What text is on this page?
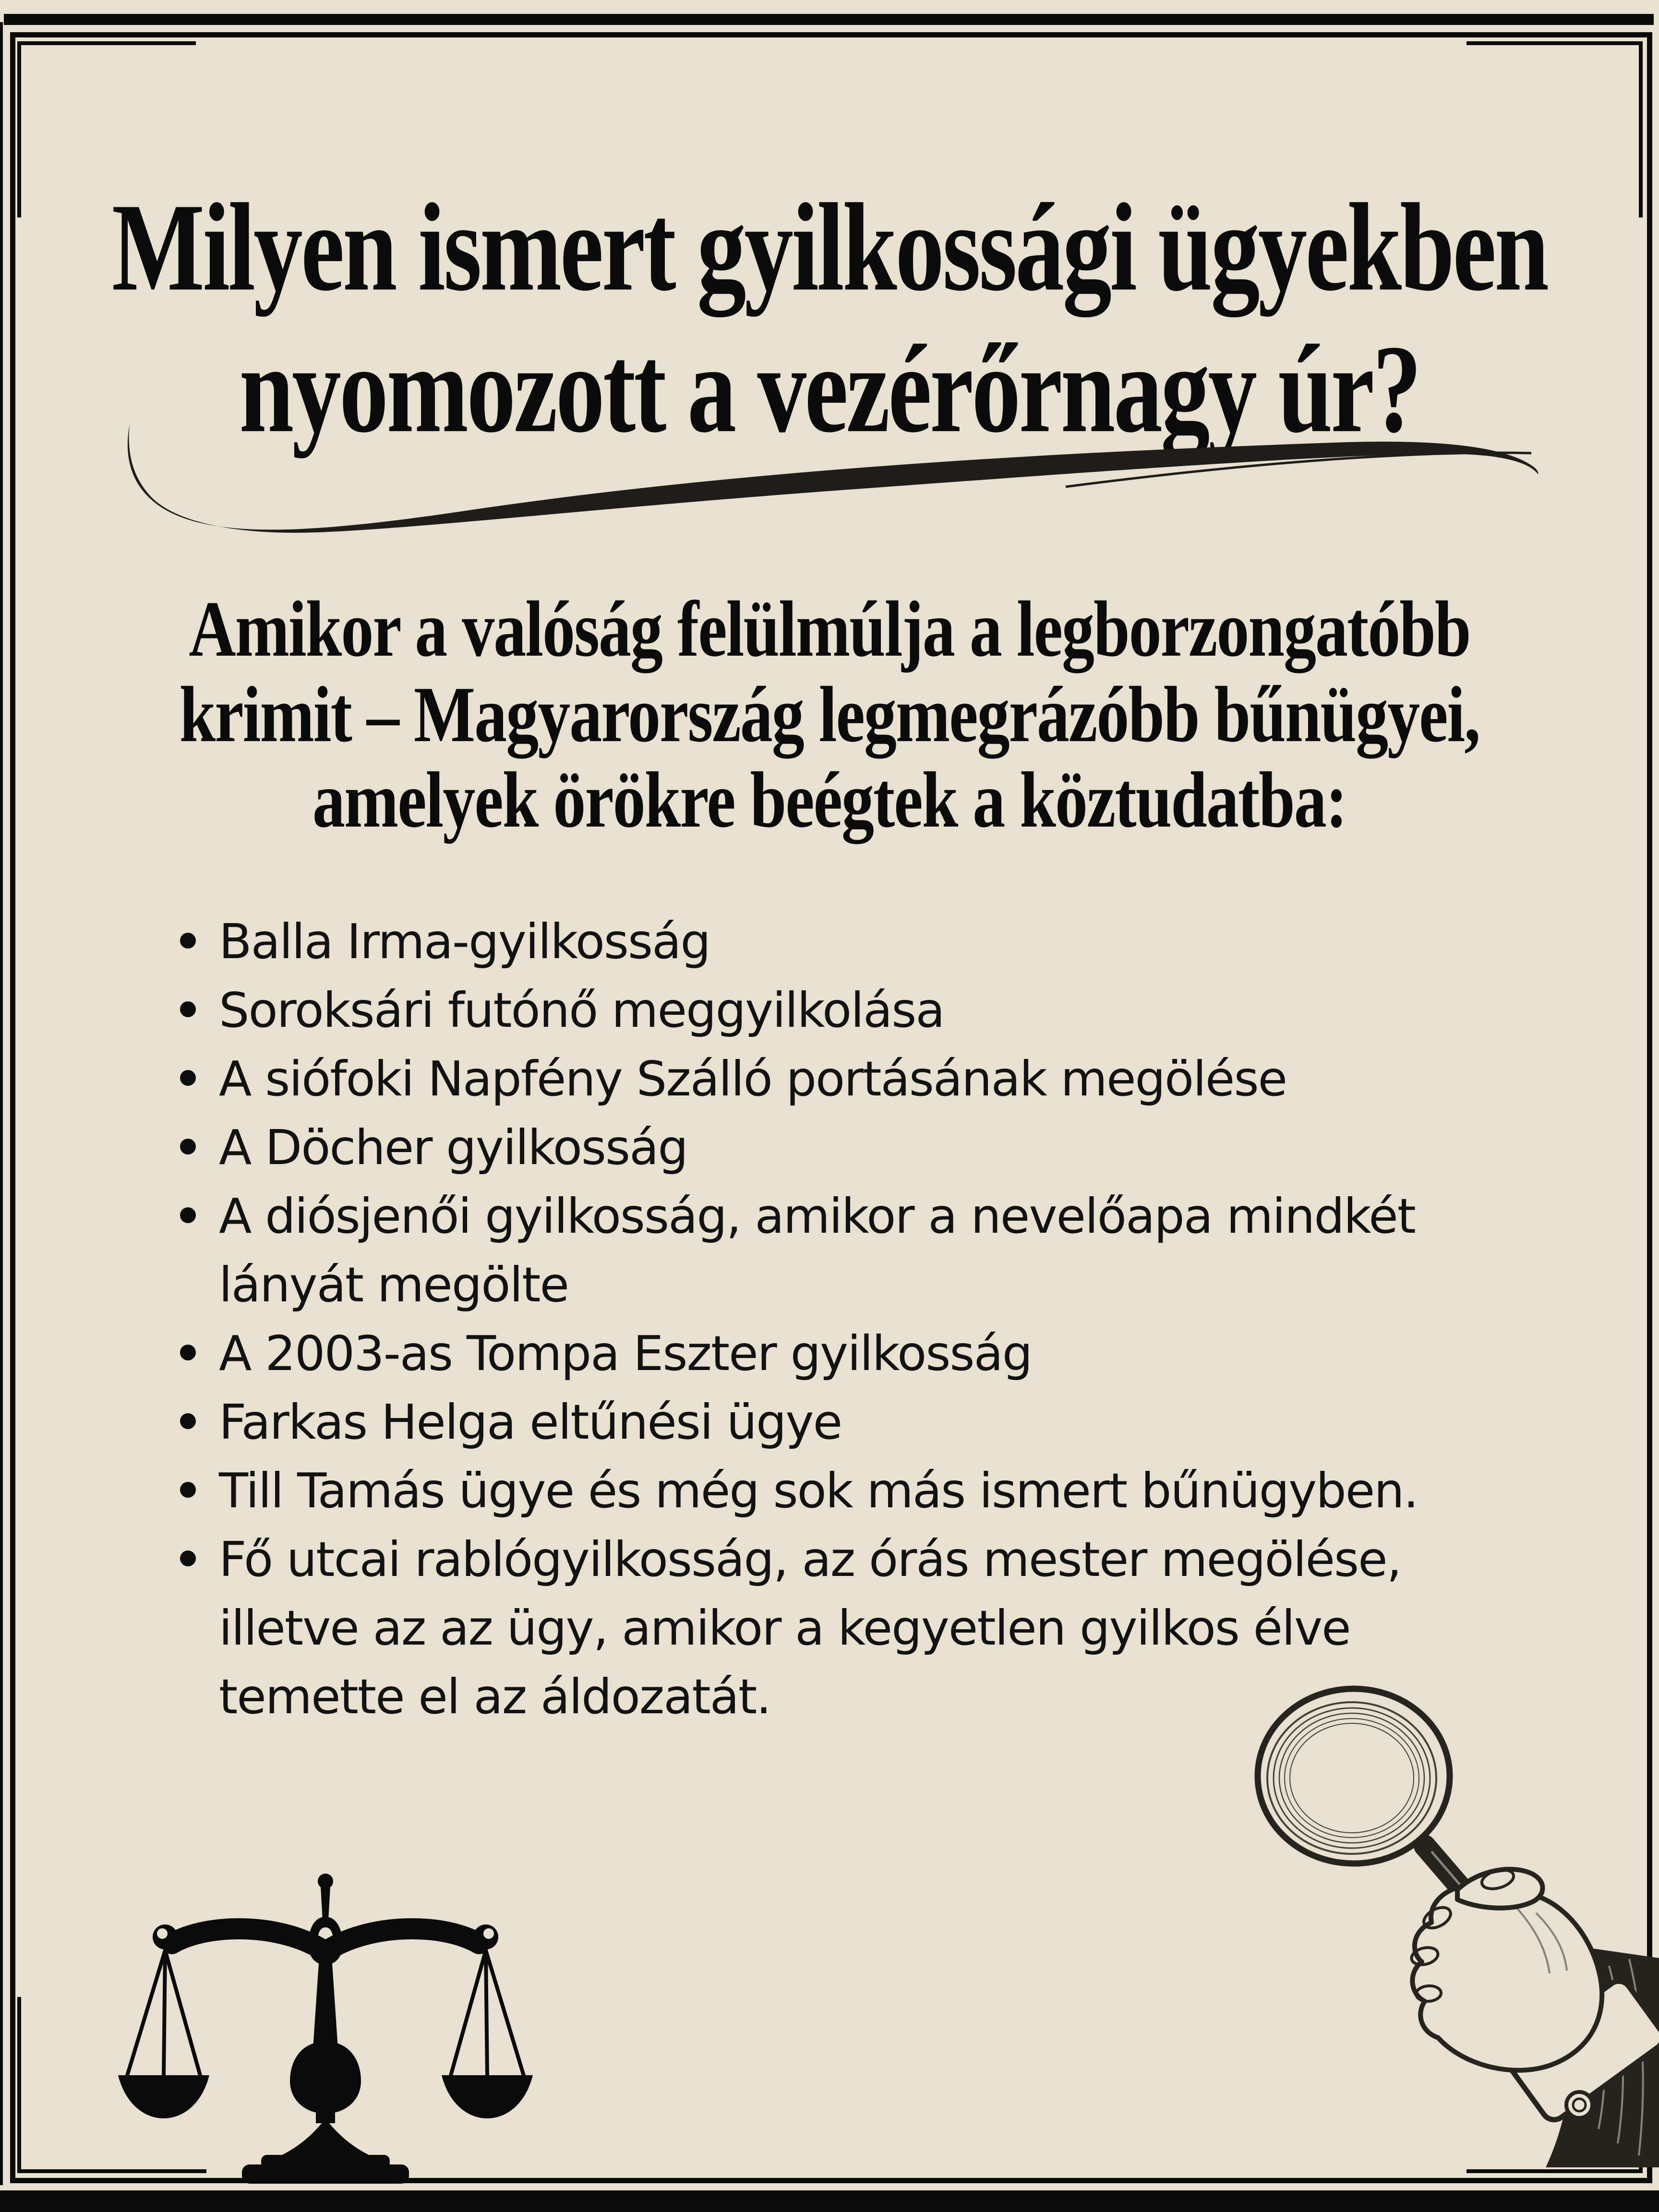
Milyen ismert gyilkossági ügyekben
nyomozott a vezérőrnagy úr?
Amikor a valóság felülmúlja a legborzongatóbb
krimit – Magyarország legmegrázóbb bűnügyei,
amelyek örökre beégtek a köztudatba:
Balla Irma-gyilkosság
Soroksári futónő meggyilkolása
A siófoki Napfény Szálló portásának megölése
A Döcher gyilkosság
A diósjenői gyilkosság, amikor a nevelőapa mindkét lányát megölte
A 2003-as Tompa Eszter gyilkosság
Farkas Helga eltűnési ügye
Till Tamás ügye és még sok más ismert bűnügyben.
Fő utcai rablógyilkosság, az órás mester megölése, illetve az az ügy, amikor a kegyetlen gyilkos élve temette el az áldozatát.
